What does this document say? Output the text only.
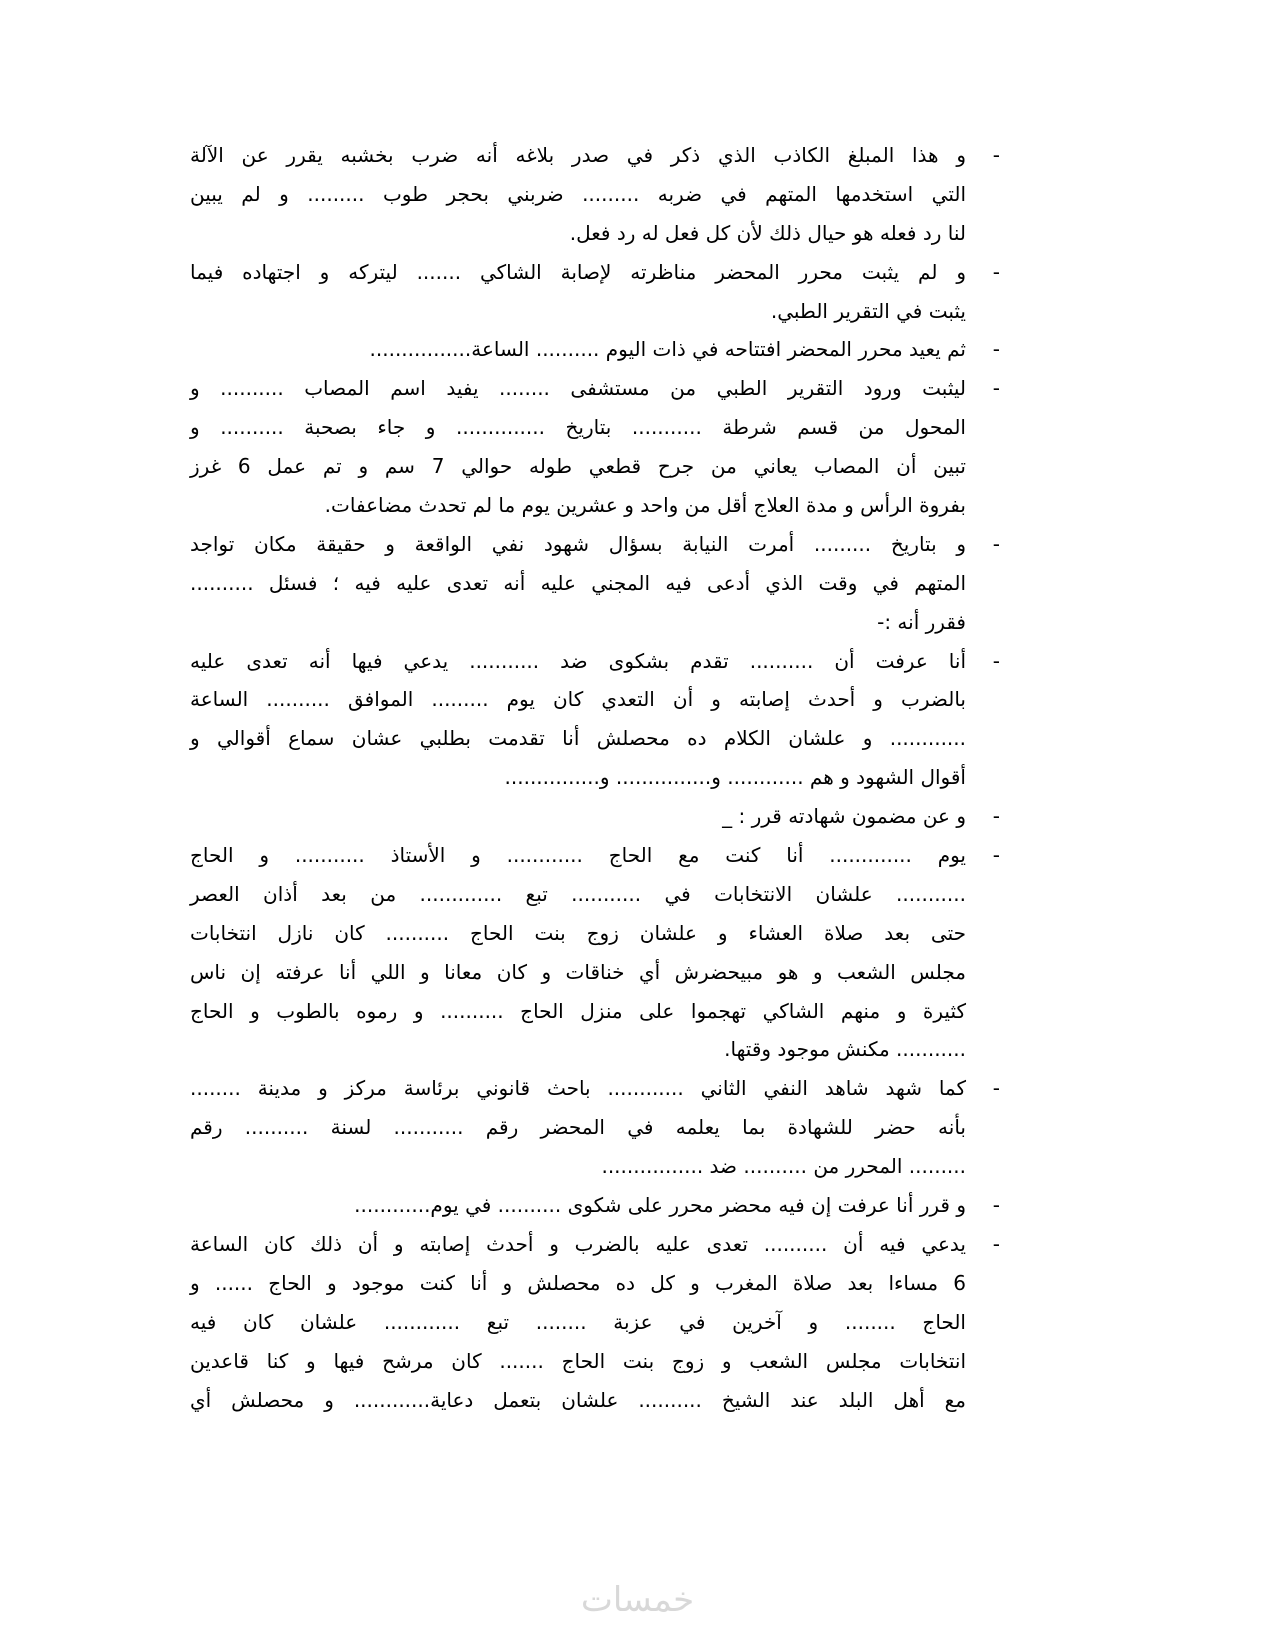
-
و هذا المبلغ الكاذب الذي ذكر في صدر بلاغه أنه ضرب بخشبه يقرر عن الآلة
التي استخدمها المتهم في ضربه ......... ضربني بحجر طوب ......... و لم يبين
لنا رد فعله هو حيال ذلك لأن كل فعل له رد فعل.
-
و لم يثبت محرر المحضر مناظرته لإصابة الشاكي ....... ليتركه و اجتهاده فيما
يثبت في التقرير الطبي.
-
ثم يعيد محرر المحضر افتتاحه في ذات اليوم .......... الساعة................
-
ليثبت ورود التقرير الطبي من مستشفى ........ يفيد اسم المصاب .......... و
المحول من قسم شرطة ........... بتاريخ .............. و جاء بصحبة .......... و
تبين أن المصاب يعاني من جرح قطعي طوله حوالي 7 سم و تم عمل 6 غرز
بفروة الرأس و مدة العلاج أقل من واحد و عشرين يوم ما لم تحدث مضاعفات.
-
و بتاريخ ......... أمرت النيابة بسؤال شهود نفي الواقعة و حقيقة مكان تواجد
المتهم في وقت الذي أدعى فيه المجني عليه أنه تعدى عليه فيه ؛ فسئل ..........
فقرر أنه :-
-
أنا عرفت أن .......... تقدم بشكوى ضد ........... يدعي فيها أنه تعدى عليه
بالضرب و أحدث إصابته و أن التعدي كان يوم ......... الموافق .......... الساعة
............ و علشان الكلام ده محصلش أنا تقدمت بطلبي عشان سماع أقوالي و
أقوال الشهود و هم ............ و............... و...............
-
و عن مضمون شهادته قرر : _
-
يوم ............. أنا كنت مع الحاج ............ و الأستاذ ........... و الحاج
........... علشان الانتخابات في ........... تبع ............. من بعد أذان العصر
حتى بعد صلاة العشاء و علشان زوج بنت الحاج .......... كان نازل انتخابات
مجلس الشعب و هو مبيحضرش أي خناقات و كان معانا و اللي أنا عرفته إن ناس
كثيرة و منهم الشاكي تهجموا على منزل الحاج .......... و رموه بالطوب و الحاج
........... مكنش موجود وقتها.
-
كما شهد شاهد النفي الثاني ............ باحث قانوني برئاسة مركز و مدينة ........
بأنه حضر للشهادة بما يعلمه في المحضر رقم ........... لسنة .......... رقم
......... المحرر من .......... ضد ................
-
و قرر أنا عرفت إن فيه محضر محرر على شكوى .......... في يوم............
-
يدعي فيه أن .......... تعدى عليه بالضرب و أحدث إصابته و أن ذلك كان الساعة
6 مساءا بعد صلاة المغرب و كل ده محصلش و أنا كنت موجود و الحاج ...... و
الحاج ........ و آخرين في عزبة ........ تبع ............ علشان كان فيه
انتخابات مجلس الشعب و زوج بنت الحاج ....... كان مرشح فيها و كنا قاعدين
مع أهل البلد عند الشيخ .......... علشان بتعمل دعاية............ و محصلش أي
خمسات
